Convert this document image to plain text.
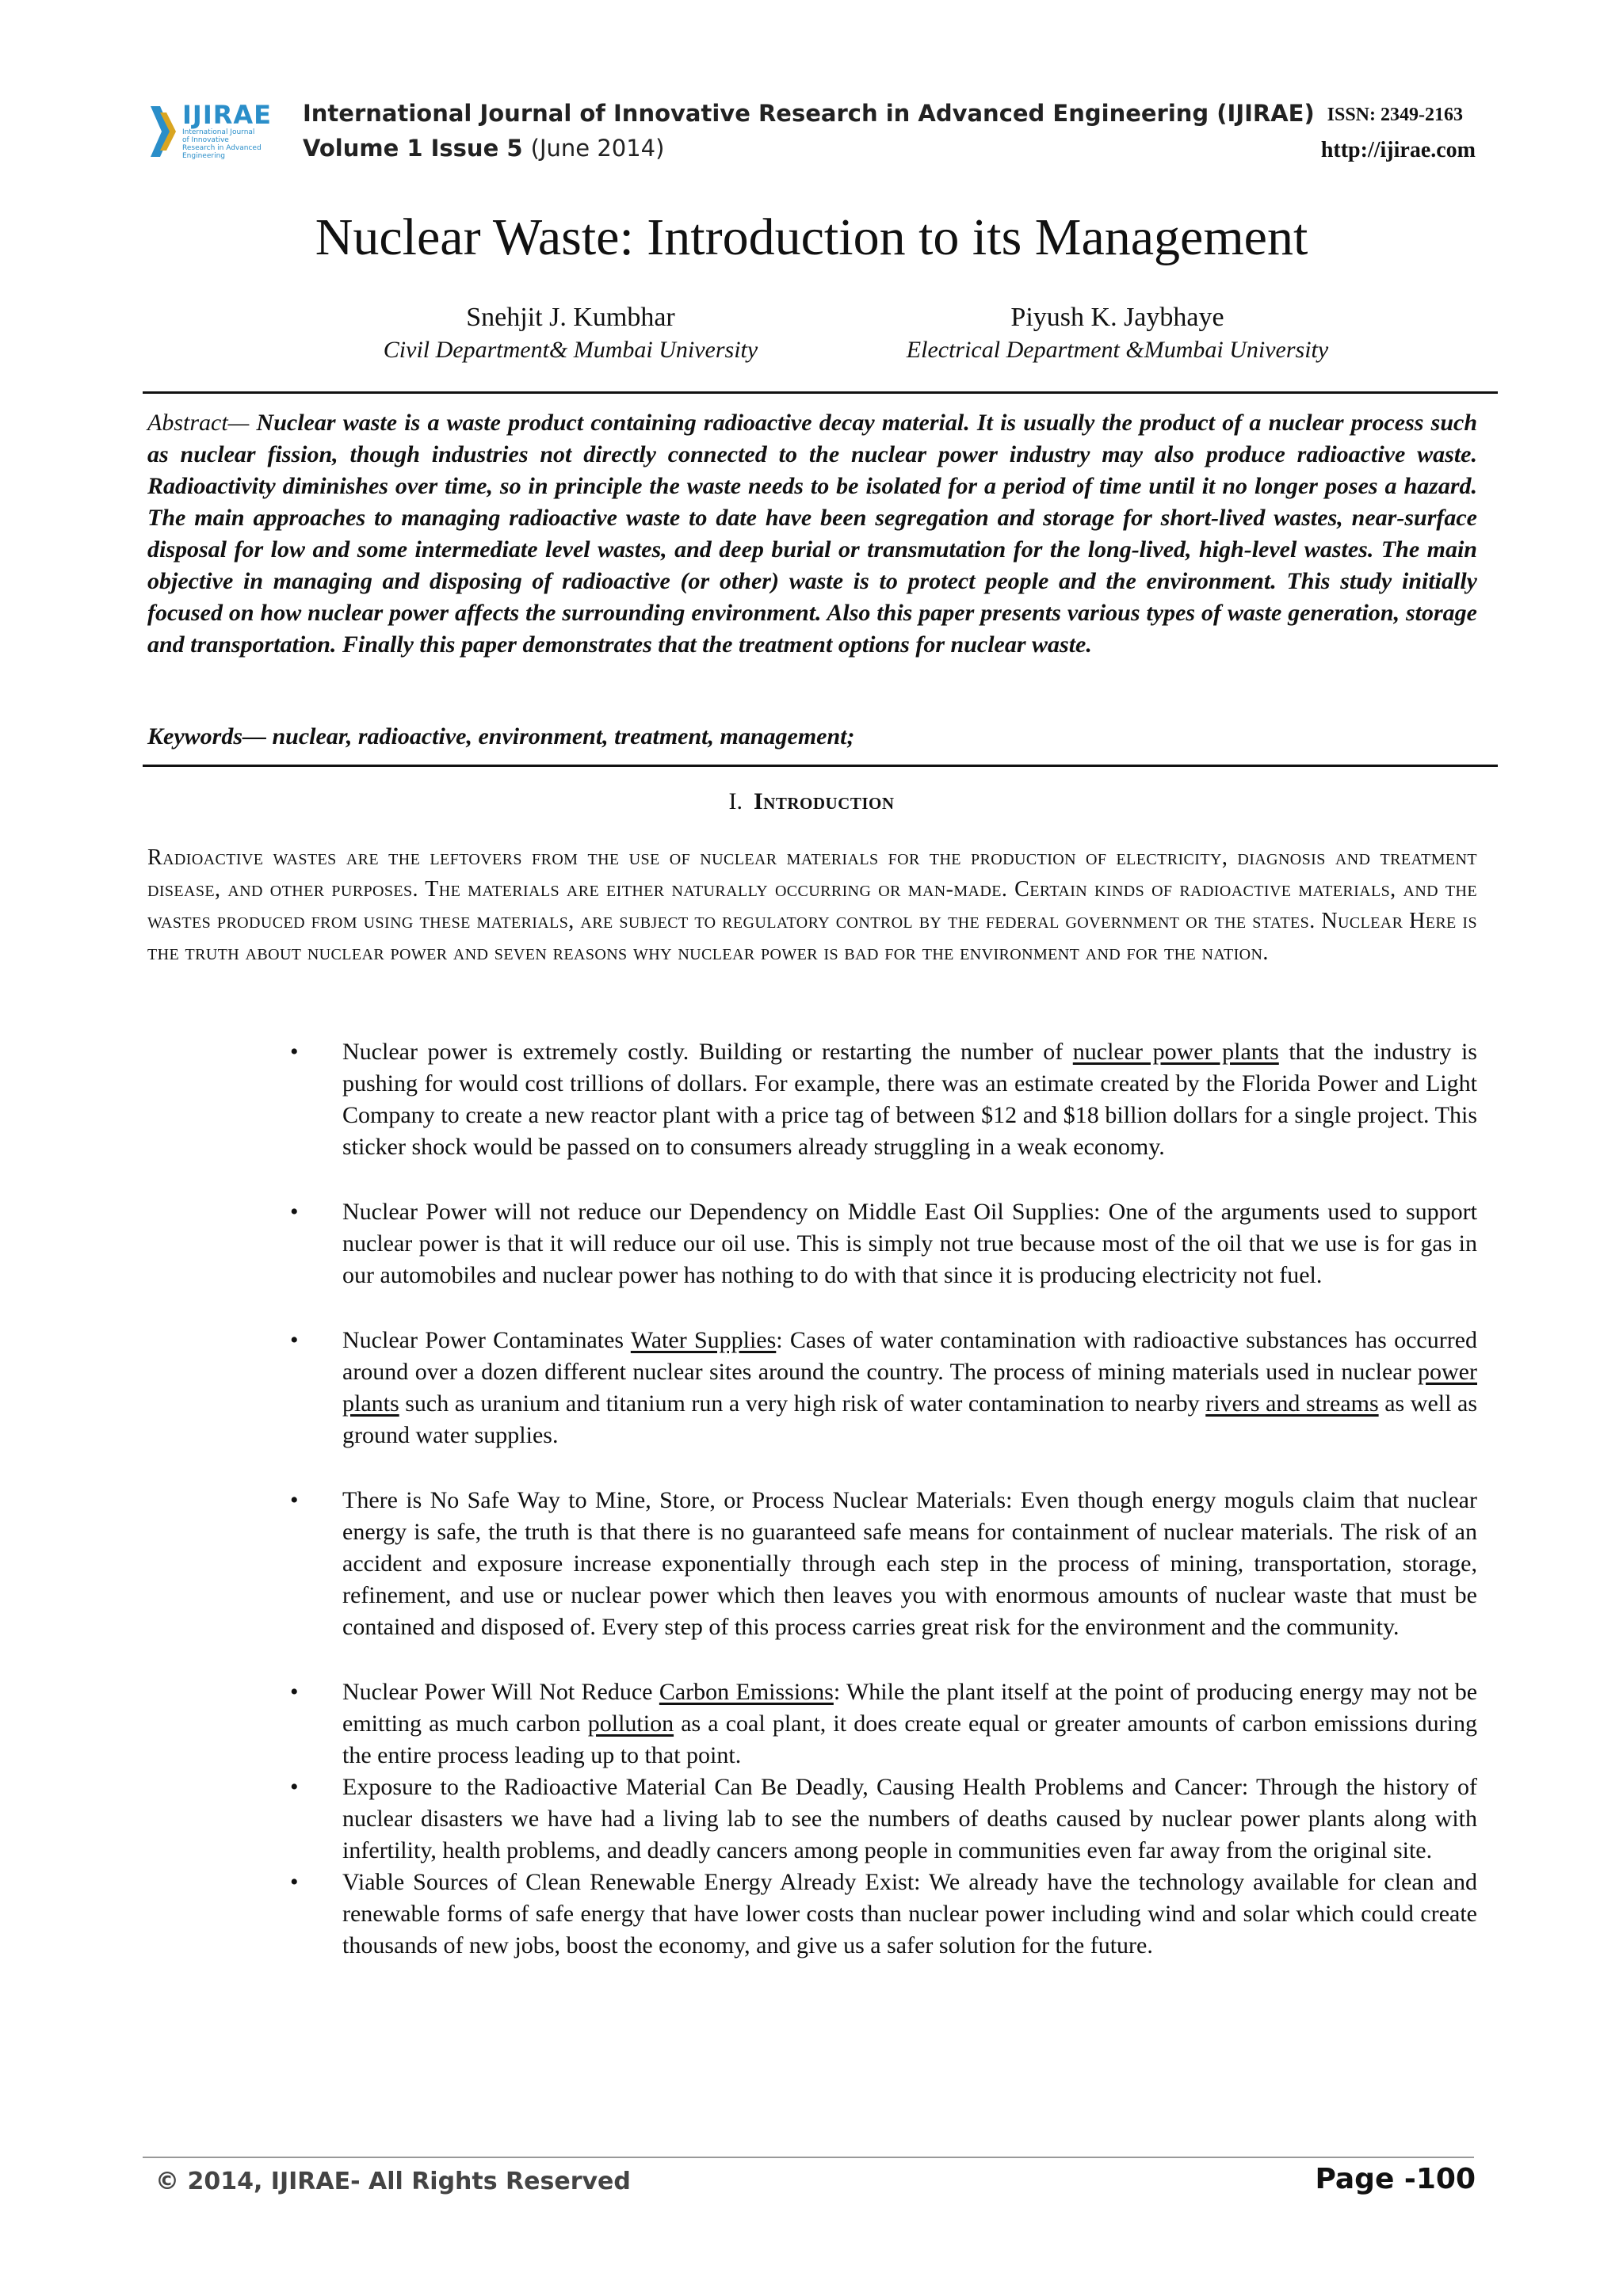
IJIRAE
International Journal of Innovative Research in Advanced Engineering
International Journal of Innovative Research in Advanced Engineering (IJIRAE) ISSN: 2349-2163
Volume 1 Issue 5 (June 2014)	http://ijirae.com
Nuclear Waste: Introduction to its Management
Snehjit J. Kumbhar
Civil Department& Mumbai University
Piyush K. Jaybhaye
Electrical Department &Mumbai University
Abstract— Nuclear waste is a waste product containing radioactive decay material. It is usually the product of a nuclear process such as nuclear fission, though industries not directly connected to the nuclear power industry may also produce radioactive waste. Radioactivity diminishes over time, so in principle the waste needs to be isolated for a period of time until it no longer poses a hazard. The main approaches to managing radioactive waste to date have been segregation and storage for short-lived wastes, near-surface disposal for low and some intermediate level wastes, and deep burial or transmutation for the long-lived, high-level wastes. The main objective in managing and disposing of radioactive (or other) waste is to protect people and the environment. This study initially focused on how nuclear power affects the surrounding environment. Also this paper presents various types of waste generation, storage and transportation. Finally this paper demonstrates that the treatment options for nuclear waste.
Keywords— nuclear, radioactive, environment, treatment, management;
I. Introduction
Radioactive wastes are the leftovers from the use of nuclear materials for the production of electricity, diagnosis and treatment disease, and other purposes. The materials are either naturally occurring or man-made. Certain kinds of radioactive materials, and the wastes produced from using these materials, are subject to regulatory control by the federal government or the states. Nuclear Here is the truth about nuclear power and seven reasons why nuclear power is bad for the environment and for the nation.
• Nuclear power is extremely costly. Building or restarting the number of nuclear power plants that the industry is pushing for would cost trillions of dollars. For example, there was an estimate created by the Florida Power and Light Company to create a new reactor plant with a price tag of between $12 and $18 billion dollars for a single project. This sticker shock would be passed on to consumers already struggling in a weak economy.
• Nuclear Power will not reduce our Dependency on Middle East Oil Supplies: One of the arguments used to support nuclear power is that it will reduce our oil use. This is simply not true because most of the oil that we use is for gas in our automobiles and nuclear power has nothing to do with that since it is producing electricity not fuel.
• Nuclear Power Contaminates Water Supplies: Cases of water contamination with radioactive substances has occurred around over a dozen different nuclear sites around the country. The process of mining materials used in nuclear power plants such as uranium and titanium run a very high risk of water contamination to nearby rivers and streams as well as ground water supplies.
• There is No Safe Way to Mine, Store, or Process Nuclear Materials: Even though energy moguls claim that nuclear energy is safe, the truth is that there is no guaranteed safe means for containment of nuclear materials. The risk of an accident and exposure increase exponentially through each step in the process of mining, transportation, storage, refinement, and use or nuclear power which then leaves you with enormous amounts of nuclear waste that must be contained and disposed of. Every step of this process carries great risk for the environment and the community.
• Nuclear Power Will Not Reduce Carbon Emissions: While the plant itself at the point of producing energy may not be emitting as much carbon pollution as a coal plant, it does create equal or greater amounts of carbon emissions during the entire process leading up to that point.
• Exposure to the Radioactive Material Can Be Deadly, Causing Health Problems and Cancer: Through the history of nuclear disasters we have had a living lab to see the numbers of deaths caused by nuclear power plants along with infertility, health problems, and deadly cancers among people in communities even far away from the original site.
• Viable Sources of Clean Renewable Energy Already Exist: We already have the technology available for clean and renewable forms of safe energy that have lower costs than nuclear power including wind and solar which could create thousands of new jobs, boost the economy, and give us a safer solution for the future.
© 2014, IJIRAE- All Rights Reserved	Page -100
